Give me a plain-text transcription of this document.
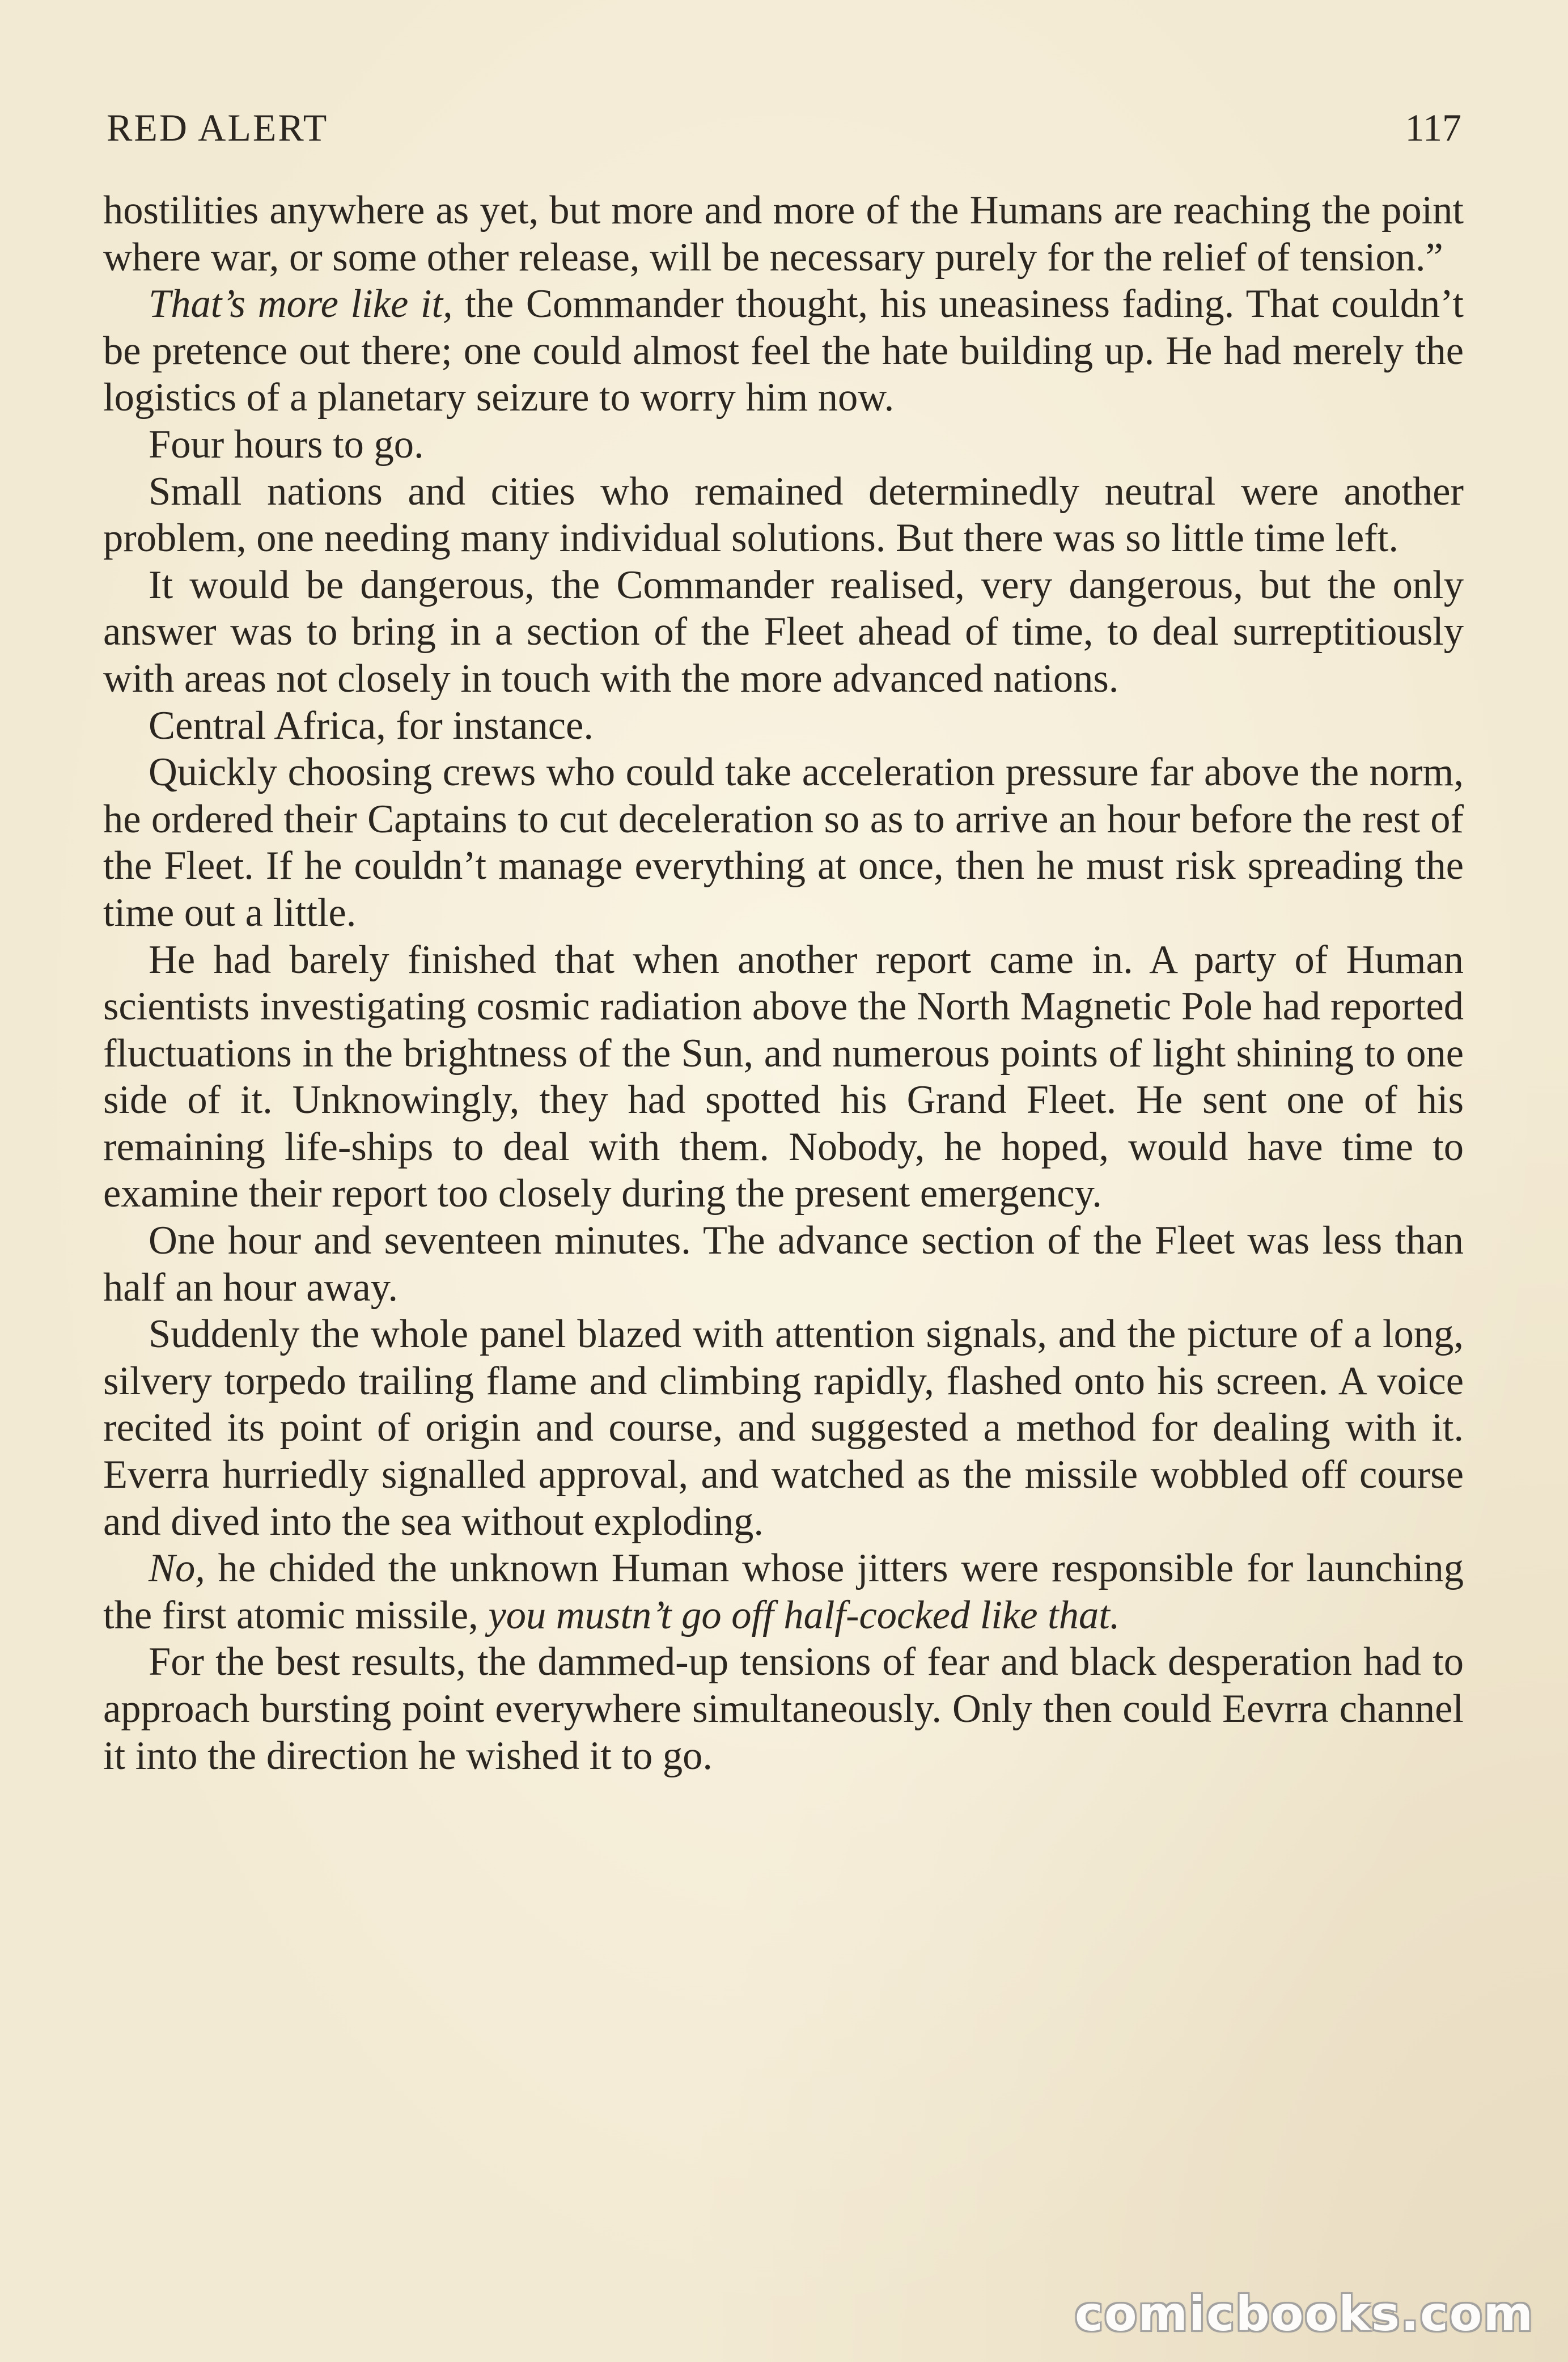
RED ALERT	117

hostilities anywhere as yet, but more and more of the Humans are reaching the point where war, or some other release, will be necessary purely for the relief of tension.”

That’s more like it, the Commander thought, his uneasiness fading. That couldn’t be pretence out there; one could almost feel the hate building up. He had merely the logistics of a planetary seizure to worry him now.

Four hours to go.

Small nations and cities who remained determinedly neutral were another problem, one needing many individual solutions. But there was so little time left.

It would be dangerous, the Commander realised, very dangerous, but the only answer was to bring in a section of the Fleet ahead of time, to deal surreptitiously with areas not closely in touch with the more advanced nations.

Central Africa, for instance.

Quickly choosing crews who could take acceleration pressure far above the norm, he ordered their Captains to cut deceleration so as to arrive an hour before the rest of the Fleet. If he couldn’t manage everything at once, then he must risk spreading the time out a little.

He had barely finished that when another report came in. A party of Human scientists investigating cosmic radiation above the North Magnetic Pole had reported fluctuations in the brightness of the Sun, and numerous points of light shining to one side of it. Unknowingly, they had spotted his Grand Fleet. He sent one of his remaining life-ships to deal with them. Nobody, he hoped, would have time to examine their report too closely during the present emergency.

One hour and seventeen minutes. The advance section of the Fleet was less than half an hour away.

Suddenly the whole panel blazed with attention signals, and the picture of a long, silvery torpedo trailing flame and climbing rapidly, flashed onto his screen. A voice recited its point of origin and course, and suggested a method for dealing with it. Everra hurriedly signalled approval, and watched as the missile wobbled off course and dived into the sea without exploding.

No, he chided the unknown Human whose jitters were responsible for launching the first atomic missile, you mustn’t go off half-cocked like that.

For the best results, the dammed-up tensions of fear and black desperation had to approach bursting point everywhere simultaneously. Only then could Eevrra channel it into the direction he wished it to go.

comicbooks.com
